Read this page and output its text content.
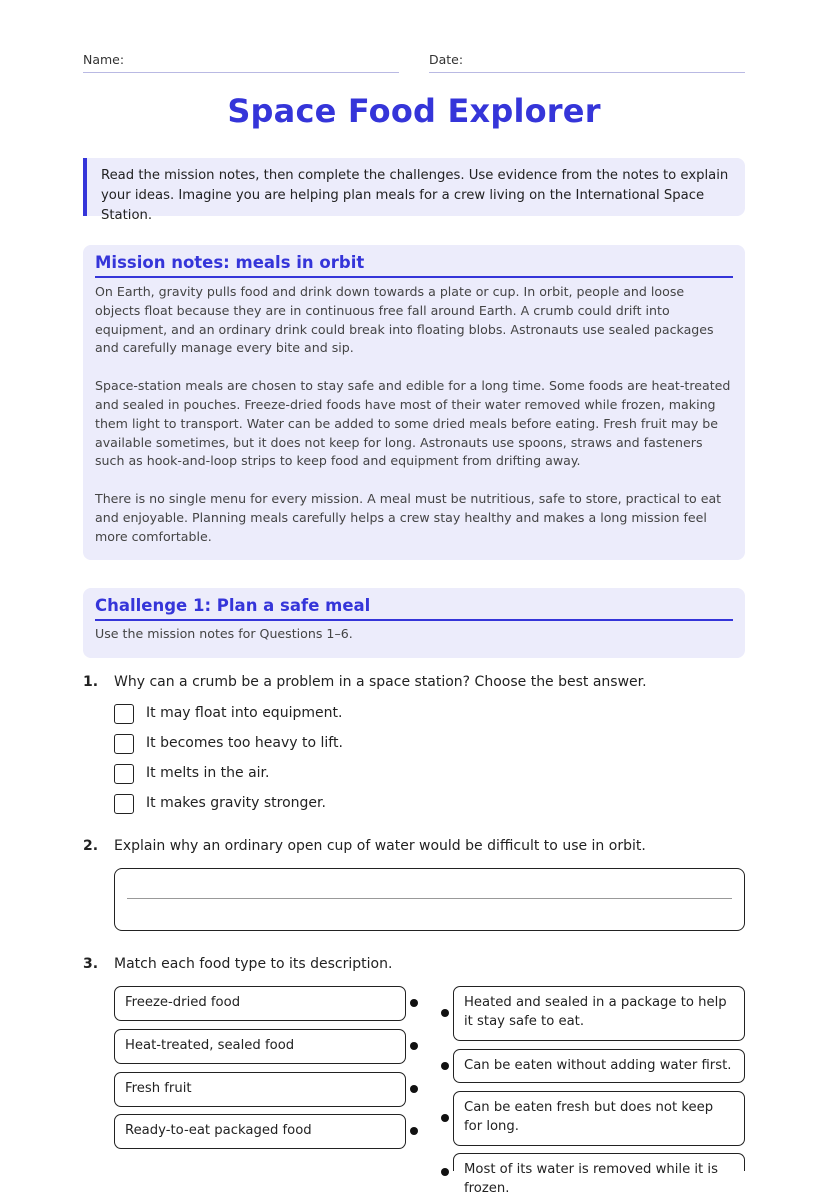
Name:	Date:
Space Food Explorer
Read the mission notes, then complete the challenges. Use evidence from the notes to explain your ideas. Imagine you are helping plan meals for a crew living on the International Space Station.
Mission notes: meals in orbit

On Earth, gravity pulls food and drink down towards a plate or cup. In orbit, people and loose objects float because they are in continuous free fall around Earth. A crumb could drift into equipment, and an ordinary drink could break into floating blobs. Astronauts use sealed packages and carefully manage every bite and sip.

Space-station meals are chosen to stay safe and edible for a long time. Some foods are heat-treated and sealed in pouches. Freeze-dried foods have most of their water removed while frozen, making them light to transport. Water can be added to some dried meals before eating. Fresh fruit may be available sometimes, but it does not keep for long. Astronauts use spoons, straws and fasteners such as hook-and-loop strips to keep food and equipment from drifting away.

There is no single menu for every mission. A meal must be nutritious, safe to store, practical to eat and enjoyable. Planning meals carefully helps a crew stay healthy and makes a long mission feel more comfortable.

Challenge 1: Plan a safe meal
Use the mission notes for Questions 1–6.
1. Why can a crumb be a problem in a space station? Choose the best answer.
It may float into equipment.
It becomes too heavy to lift.
It melts in the air.
It makes gravity stronger.
2. Explain why an ordinary open cup of water would be difficult to use in orbit.
3. Match each food type to its description.
Freeze-dried food
Heat-treated, sealed food
Fresh fruit
Ready-to-eat packaged food
Heated and sealed in a package to help it stay safe to eat.
Can be eaten without adding water first.
Can be eaten fresh but does not keep for long.
Most of its water is removed while it is frozen.
